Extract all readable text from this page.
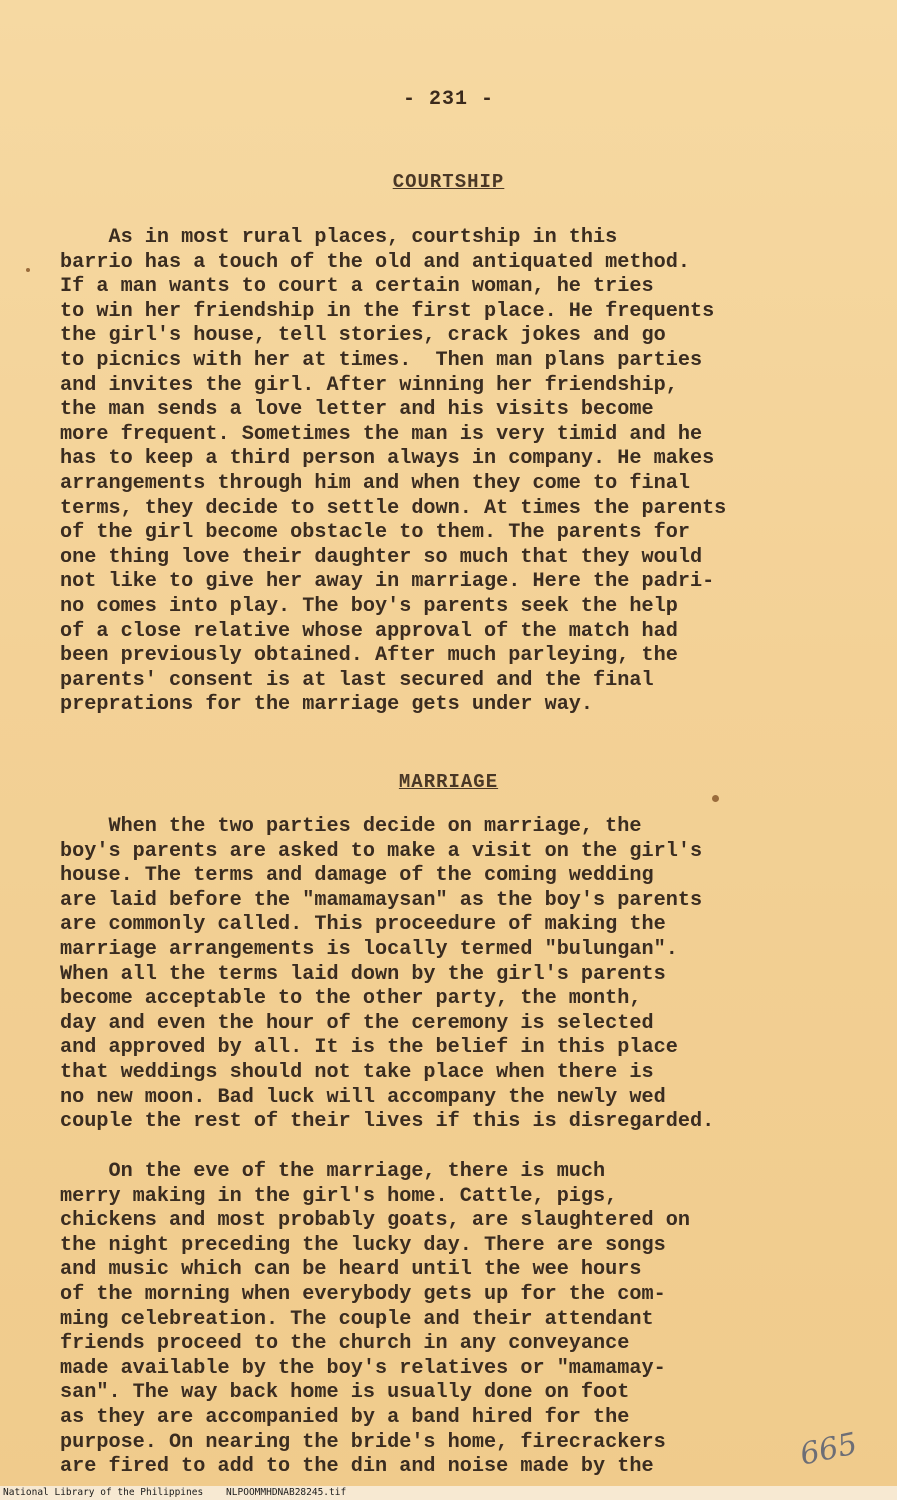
- 231 -
COURTSHIP

As in most rural places, courtship in this
barrio has a touch of the old and antiquated method.
If a man wants to court a certain woman, he tries
to win her friendship in the first place. He frequents
the girl's house, tell stories, crack jokes and go
to picnics with her at times.  Then man plans parties
and invites the girl. After winning her friendship,
the man sends a love letter and his visits become
more frequent. Sometimes the man is very timid and he
has to keep a third person always in company. He makes
arrangements through him and when they come to final
terms, they decide to settle down. At times the parents
of the girl become obstacle to them. The parents for
one thing love their daughter so much that they would
not like to give her away in marriage. Here the padri-
no comes into play. The boy's parents seek the help
of a close relative whose approval of the match had
been previously obtained. After much parleying, the
parents' consent is at last secured and the final
preprations for the marriage gets under way.

MARRIAGE

When the two parties decide on marriage, the
boy's parents are asked to make a visit on the girl's
house. The terms and damage of the coming wedding
are laid before the "mamamaysan" as the boy's parents
are commonly called. This proceedure of making the
marriage arrangements is locally termed "bulungan".
When all the terms laid down by the girl's parents
become acceptable to the other party, the month,
day and even the hour of the ceremony is selected
and approved by all. It is the belief in this place
that weddings should not take place when there is
no new moon. Bad luck will accompany the newly wed
couple the rest of their lives if this is disregarded.

On the eve of the marriage, there is much
merry making in the girl's home. Cattle, pigs,
chickens and most probably goats, are slaughtered on
the night preceding the lucky day. There are songs
and music which can be heard until the wee hours
of the morning when everybody gets up for the com-
ming celebreation. The couple and their attendant
friends proceed to the church in any conveyance
made available by the boy's relatives or "mamamay-
san". The way back home is usually done on foot
as they are accompanied by a band hired for the
purpose. On nearing the bride's home, firecrackers
are fired to add to the din and noise made by the	665
National Library of the Philippines    NLPOOMMHDNAB28245.tif
